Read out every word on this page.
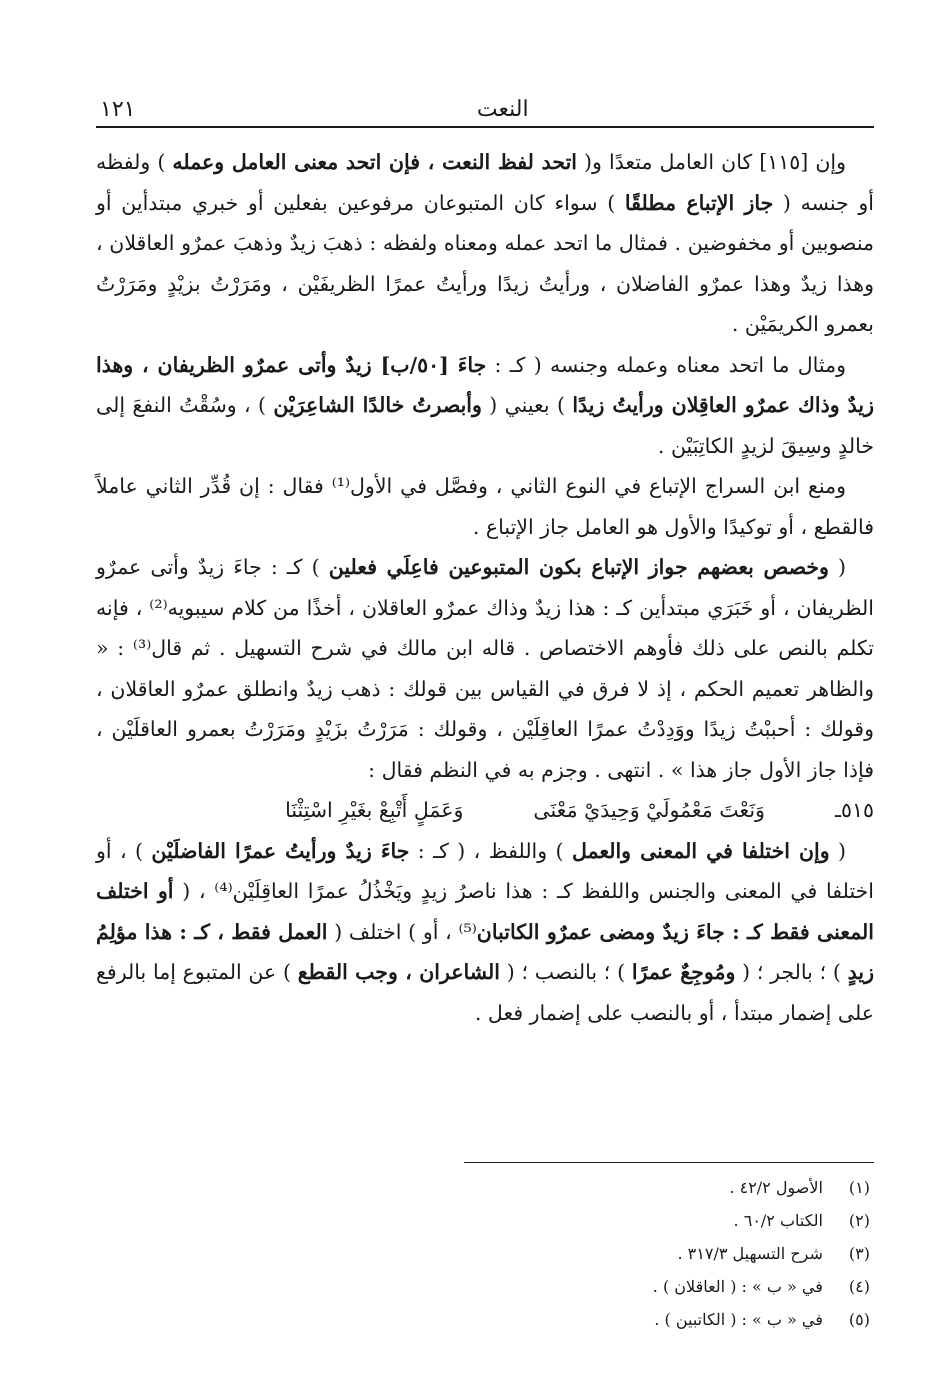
النعت
١٢١

وإن [١١٥] كان العامل متعدًا و( اتحد لفظ النعت ، فإن اتحد معنى العامل وعمله ) ولفظه أو جنسه ( جاز الإتباع مطلقًا ) سواء كان المتبوعان مرفوعين بفعلين أو خبري مبتدأين أو منصوبين أو مخفوضين . فمثال ما اتحد عمله ومعناه ولفظه : ذهبَ زيدٌ وذهبَ عمرٌو العاقلان ، وهذا زيدٌ وهذا عمرٌو الفاضلان ، ورأيتُ زيدًا ورأيتُ عمرًا الظريفَيْن ، ومَرَرْتُ بزيْدٍ ومَرَرْتُ بعمرو الكريمَيْن .

ومثال ما اتحد معناه وعمله وجنسه ( كـ : جاءَ [٥٠/ب] زيدٌ وأتى عمرٌو الظريفان ، وهذا زيدٌ وذاك عمرٌو العاقِلان ورأيتُ زيدًا ) بعيني ( وأبصرتُ خالدًا الشاعِرَيْن ) ، وسُقْتُ النفعَ إلى خالدٍ وسِيقَ لزيدٍ الكاتِبَيْن .

ومنع ابن السراج الإتباع في النوع الثاني ، وفصَّل في الأول⁽¹⁾ فقال : إن قُدِّر الثاني عاملاً فالقطع ، أو توكيدًا والأول هو العامل جاز الإتباع .

( وخصص بعضهم جواز الإتباع بكون المتبوعين فاعِلَي فعلين ) كـ : جاءَ زيدٌ وأتى عمرٌو الظريفان ، أو خَبَرَي مبتدأين كـ : هذا زيدٌ وذاك عمرٌو العاقلان ، أخذًا من كلام سيبويه⁽²⁾ ، فإنه تكلم بالنص على ذلك فأوهم الاختصاص . قاله ابن مالك في شرح التسهيل . ثم قال⁽³⁾ : « والظاهر تعميم الحكم ، إذ لا فرق في القياس بين قولك : ذهب زيدٌ وانطلق عمرٌو العاقلان ، وقولك : أحببْتُ زيدًا ووَدِدْتُ عمرًا العاقِلَيْن ، وقولك : مَرَرْتُ بزَيْدٍ ومَرَرْتُ بعمرو العاقلَيْن ، فإذا جاز الأول جاز هذا » . انتهى . وجزم به في النظم فقال :

٥١٥ـ
وَنَعْتَ مَعْمُولَيْ وَحِيدَيْ مَعْنَى
وَعَمَلٍ أَتْبِعْ بغَيْرِ اسْتِثْنَا

( وإن اختلفا في المعنى والعمل ) واللفظ ، ( كـ : جاءَ زيدٌ ورأيتُ عمرًا الفاضلَيْن ) ، أو اختلفا في المعنى والجنس واللفظ كـ : هذا ناصرُ زيدٍ ويَخْذُلُ عمرًا العاقِلَيْن⁽⁴⁾ ، ( أو اختلف المعنى فقط كـ : جاءَ زيدٌ ومضى عمرٌو الكاتبان⁽⁵⁾ ، أو ) اختلف ( العمل فقط ، كـ : هذا مؤلِمُ زيدٍ ) ؛ بالجر ؛ ( ومُوجِعٌ عمرًا ) ؛ بالنصب ؛ ( الشاعران ، وجب القطع ) عن المتبوع إما بالرفع على إضمار مبتدأ ، أو بالنصب على إضمار فعل .

(١)
الأصول ٤٢/٢ .
(٢)
الكتاب ٦٠/٢ .
(٣)
شرح التسهيل ٣١٧/٣ .
(٤)
في « ب » : ( العاقلان ) .
(٥)
في « ب » : ( الكاتبين ) .
